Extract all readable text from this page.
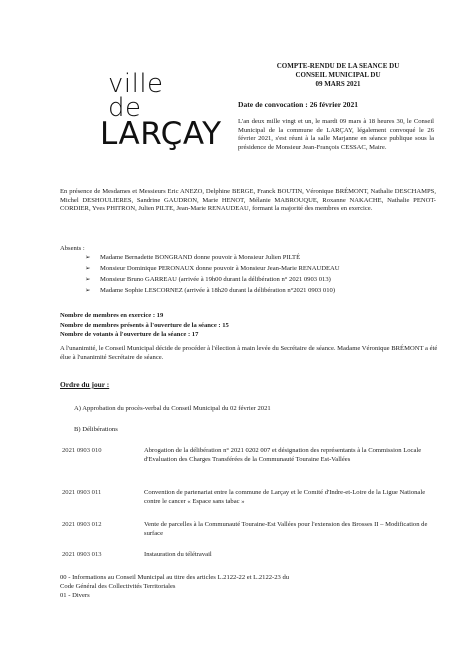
ville de
LARÇAY
COMPTE-RENDU DE LA SEANCE DU
CONSEIL MUNICIPAL DU
09 MARS 2021
Date de convocation : 26 février 2021
L'an deux mille vingt et un, le mardi 09 mars à 18 heures 30, le Conseil Municipal de la commune de LARÇAY, légalement convoqué le 26 février 2021, s'est réuni à la salle Marjanne en séance publique sous la présidence de Monsieur Jean-François CESSAC, Maire.
En présence de Mesdames et Messieurs Eric ANEZO, Delphine BERGE, Franck BOUTIN, Véronique BRÉMONT, Nathalie DESCHAMPS, Michel DESHOULIERES, Sandrine GAUDRON, Marie HENOT, Mélanie MABROUQUE, Roxanne NAKACHE, Nathalie PENOT-CORDIER, Yves PHITRON, Julien PILTE, Jean-Marie RENAUDEAU, formant la majorité des membres en exercice.
Absents :
➢ Madame Bernadette BONGRAND donne pouvoir à Monsieur Julien PILTÉ
➢ Monsieur Dominique PERONAUX donne pouvoir à Monsieur Jean-Marie RENAUDEAU
➢ Monsieur Bruno GARREAU (arrivée à 19h00 durant la délibération n° 2021 0903 013)
➢ Madame Sophie LESCORNEZ (arrivée à 18h20 durant la délibération n°2021 0903 010)
Nombre de membres en exercice : 19
Nombre de membres présents à l'ouverture de la séance : 15
Nombre de votants à l'ouverture de la séance : 17
A l'unanimité, le Conseil Municipal décide de procéder à l'élection à main levée du Secrétaire de séance. Madame Véronique BRÉMONT a été élue à l'unanimité Secrétaire de séance.
Ordre du jour :
A) Approbation du procès-verbal du Conseil Municipal du 02 février 2021
B) Délibérations
2021 0903 010	Abrogation de la délibération n° 2021 0202 007 et désignation des représentants à la Commission Locale d'Evaluation des Charges Transférées de la Communauté Touraine Est-Vallées
2021 0903 011	Convention de partenariat entre la commune de Larçay et le Comité d'Indre-et-Loire de la Ligue Nationale contre le cancer « Espace sans tabac »
2021 0903 012	Vente de parcelles à la Communauté Touraine-Est Vallées pour l'extension des Brosses II – Modification de surface
2021 0903 013	Instauration du télétravail
00 - Informations au Conseil Municipal au titre des articles L.2122-22 et L.2122-23 du
Code Général des Collectivités Territoriales
01 - Divers
